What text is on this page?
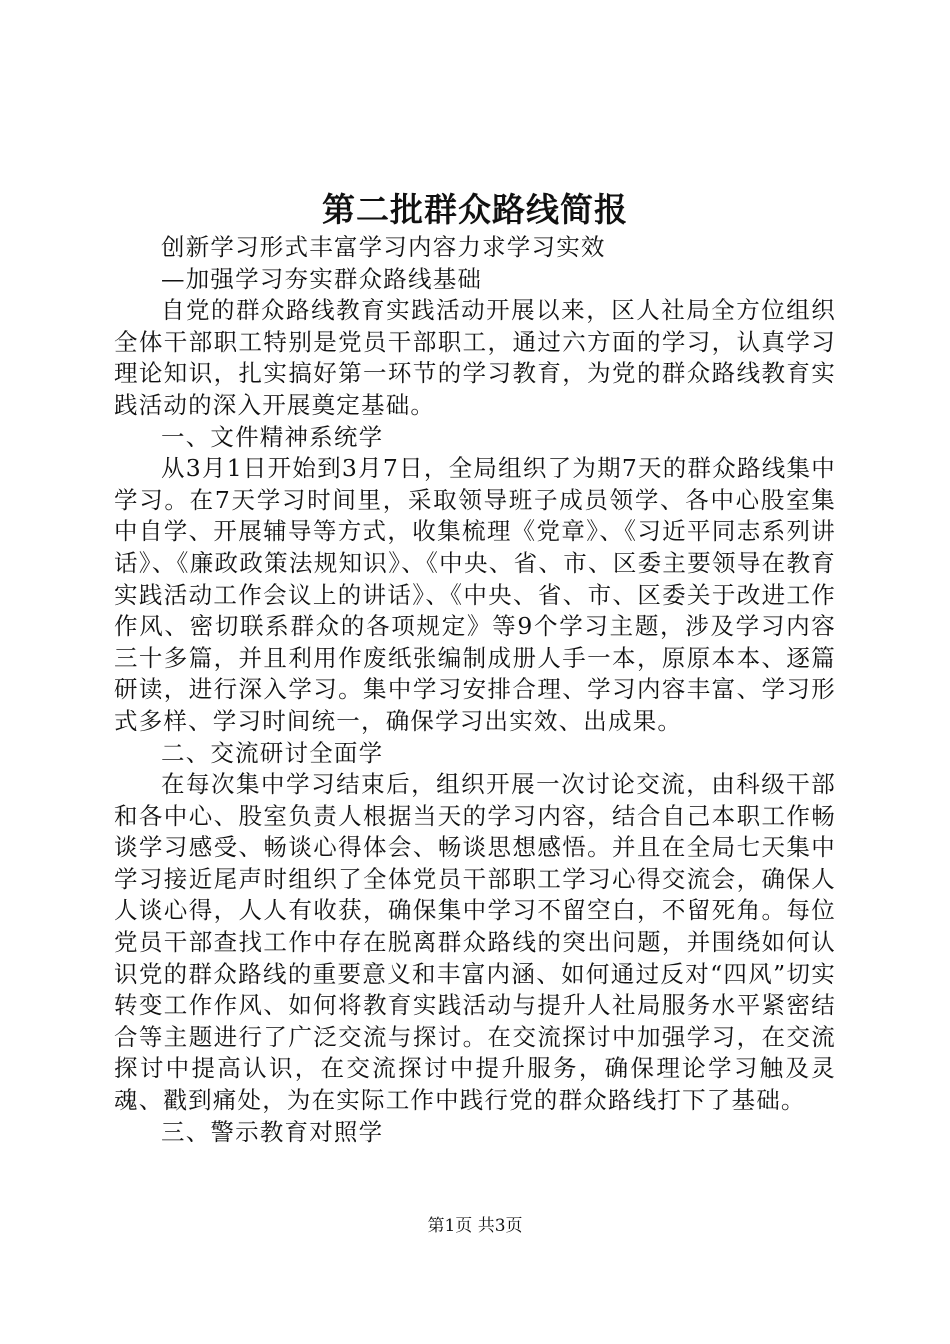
第二批群众路线简报

创新学习形式丰富学习内容力求学习实效

—加强学习夯实群众路线基础

自党的群众路线教育实践活动开展以来，区人社局全方位组织全体干部职工特别是党员干部职工，通过六方面的学习，认真学习理论知识，扎实搞好第一环节的学习教育，为党的群众路线教育实践活动的深入开展奠定基础。

一、文件精神系统学

从3月1日开始到3月7日，全局组织了为期7天的群众路线集中学习。在7天学习时间里，采取领导班子成员领学、各中心股室集中自学、开展辅导等方式，收集梳理《党章》、《习近平同志系列讲话》、《廉政政策法规知识》、《中央、省、市、区委主要领导在教育实践活动工作会议上的讲话》、《中央、省、市、区委关于改进工作作风、密切联系群众的各项规定》等9个学习主题，涉及学习内容三十多篇，并且利用作废纸张编制成册人手一本，原原本本、逐篇研读，进行深入学习。集中学习安排合理、学习内容丰富、学习形式多样、学习时间统一，确保学习出实效、出成果。

二、交流研讨全面学

在每次集中学习结束后，组织开展一次讨论交流，由科级干部和各中心、股室负责人根据当天的学习内容，结合自己本职工作畅谈学习感受、畅谈心得体会、畅谈思想感悟。并且在全局七天集中学习接近尾声时组织了全体党员干部职工学习心得交流会，确保人人谈心得，人人有收获，确保集中学习不留空白，不留死角。每位党员干部查找工作中存在脱离群众路线的突出问题，并围绕如何认识党的群众路线的重要意义和丰富内涵、如何通过反对“四风”切实转变工作作风、如何将教育实践活动与提升人社局服务水平紧密结合等主题进行了广泛交流与探讨。在交流探讨中加强学习，在交流探讨中提高认识，在交流探讨中提升服务，确保理论学习触及灵魂、戳到痛处，为在实际工作中践行党的群众路线打下了基础。

三、警示教育对照学

第1页 共3页
